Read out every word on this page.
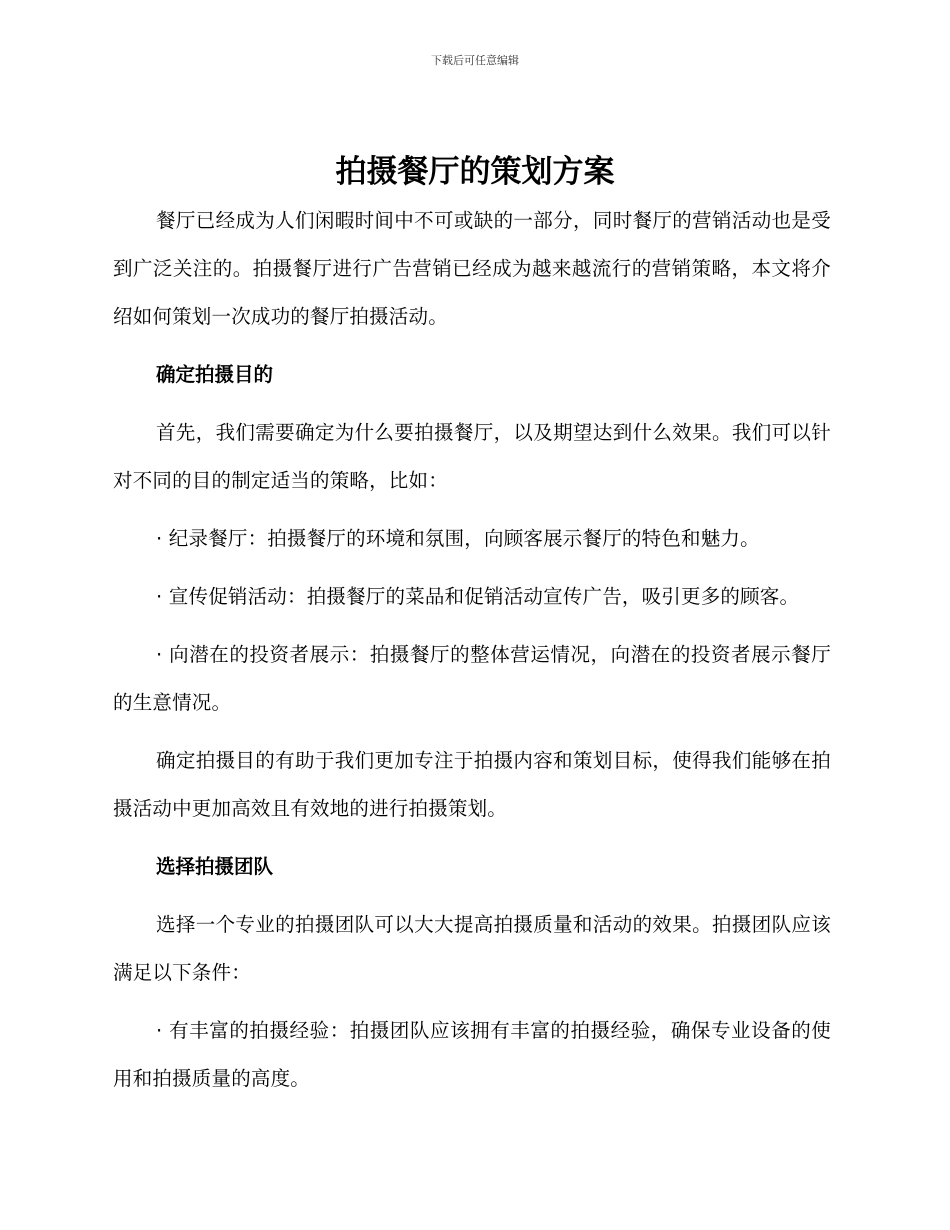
下载后可任意编辑
拍摄餐厅的策划方案

餐厅已经成为人们闲暇时间中不可或缺的一部分，同时餐厅的营销活动也是受到广泛关注的。拍摄餐厅进行广告营销已经成为越来越流行的营销策略，本文将介绍如何策划一次成功的餐厅拍摄活动。

确定拍摄目的

首先，我们需要确定为什么要拍摄餐厅，以及期望达到什么效果。我们可以针对不同的目的制定适当的策略，比如：

· 纪录餐厅：拍摄餐厅的环境和氛围，向顾客展示餐厅的特色和魅力。

· 宣传促销活动：拍摄餐厅的菜品和促销活动宣传广告，吸引更多的顾客。

· 向潜在的投资者展示：拍摄餐厅的整体营运情况，向潜在的投资者展示餐厅的生意情况。

确定拍摄目的有助于我们更加专注于拍摄内容和策划目标，使得我们能够在拍摄活动中更加高效且有效地的进行拍摄策划。

选择拍摄团队

选择一个专业的拍摄团队可以大大提高拍摄质量和活动的效果。拍摄团队应该满足以下条件：

· 有丰富的拍摄经验：拍摄团队应该拥有丰富的拍摄经验，确保专业设备的使用和拍摄质量的高度。
